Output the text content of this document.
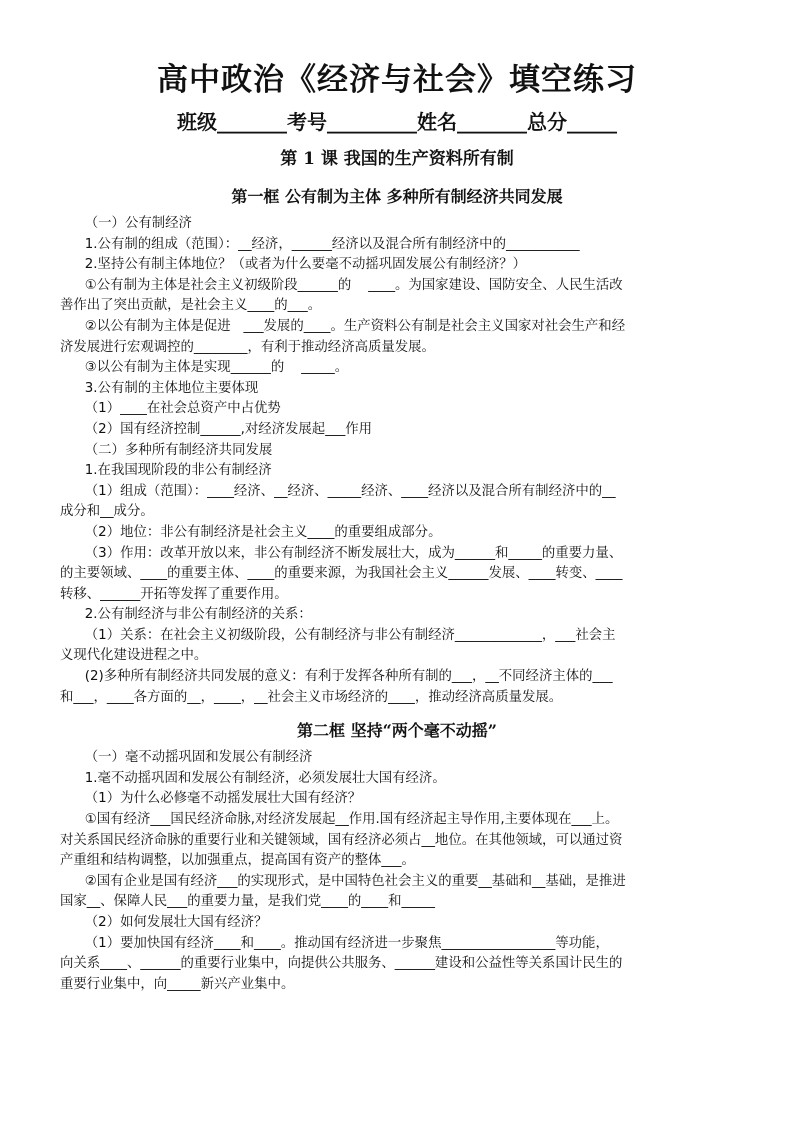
高中政治《经济与社会》填空练习
班级_______考号_________姓名_______总分_____
第 1 课 我国的生产资料所有制
第一框 公有制为主体 多种所有制经济共同发展

（一）公有制经济

1.公有制的组成（范围）：__经济，______经济以及混合所有制经济中的___________

2.坚持公有制主体地位？（或者为什么要毫不动摇巩固发展公有制经济？）

①公有制为主体是社会主义初级阶段______的    ____。为国家建设、国防安全、人民生活改

善作出了突出贡献，是社会主义____的___。

②以公有制为主体是促进   ___发展的____。生产资料公有制是社会主义国家对社会生产和经

济发展进行宏观调控的________，有利于推动经济高质量发展。

③以公有制为主体是实现______的    _____。

3.公有制的主体地位主要体现

（1）____在社会总资产中占优势

（2）国有经济控制______,对经济发展起___作用

（二）多种所有制经济共同发展

1.在我国现阶段的非公有制经济

（1）组成（范围）：____经济、__经济、_____经济、____经济以及混合所有制经济中的__

成分和__成分。

（2）地位：非公有制经济是社会主义____的重要组成部分。

（3）作用：改革开放以来，非公有制经济不断发展壮大，成为______和_____的重要力量、

的主要领域、____的重要主体、____的重要来源，为我国社会主义______发展、____转变、____

转移、______开拓等发挥了重要作用。

2.公有制经济与非公有制经济的关系：

（1）关系：在社会主义初级阶段，公有制经济与非公有制经济_____________，___社会主

义现代化建设进程之中。

(2)多种所有制经济共同发展的意义：有利于发挥各种所有制的___，__不同经济主体的___

和___，____各方面的__，____，__社会主义市场经济的____，推动经济高质量发展。

第二框 坚持“两个毫不动摇”

（一）毫不动摇巩固和发展公有制经济

1.毫不动摇巩固和发展公有制经济，必须发展壮大国有经济。

（1）为什么必修毫不动摇发展壮大国有经济？

①国有经济___国民经济命脉,对经济发展起__作用.国有经济起主导作用,主要体现在___上。

对关系国民经济命脉的重要行业和关键领域，国有经济必须占__地位。在其他领域，可以通过资

产重组和结构调整，以加强重点，提高国有资产的整体___。

②国有企业是国有经济___的实现形式，是中国特色社会主义的重要__基础和__基础，是推进

国家__、保障人民___的重要力量，是我们党____的____和_____

（2）如何发展壮大国有经济？

（1）要加快国有经济____和____。推动国有经济进一步聚焦_________________等功能，

向关系____、______的重要行业集中，向提供公共服务、______建设和公益性等关系国计民生的

重要行业集中，向_____新兴产业集中。
